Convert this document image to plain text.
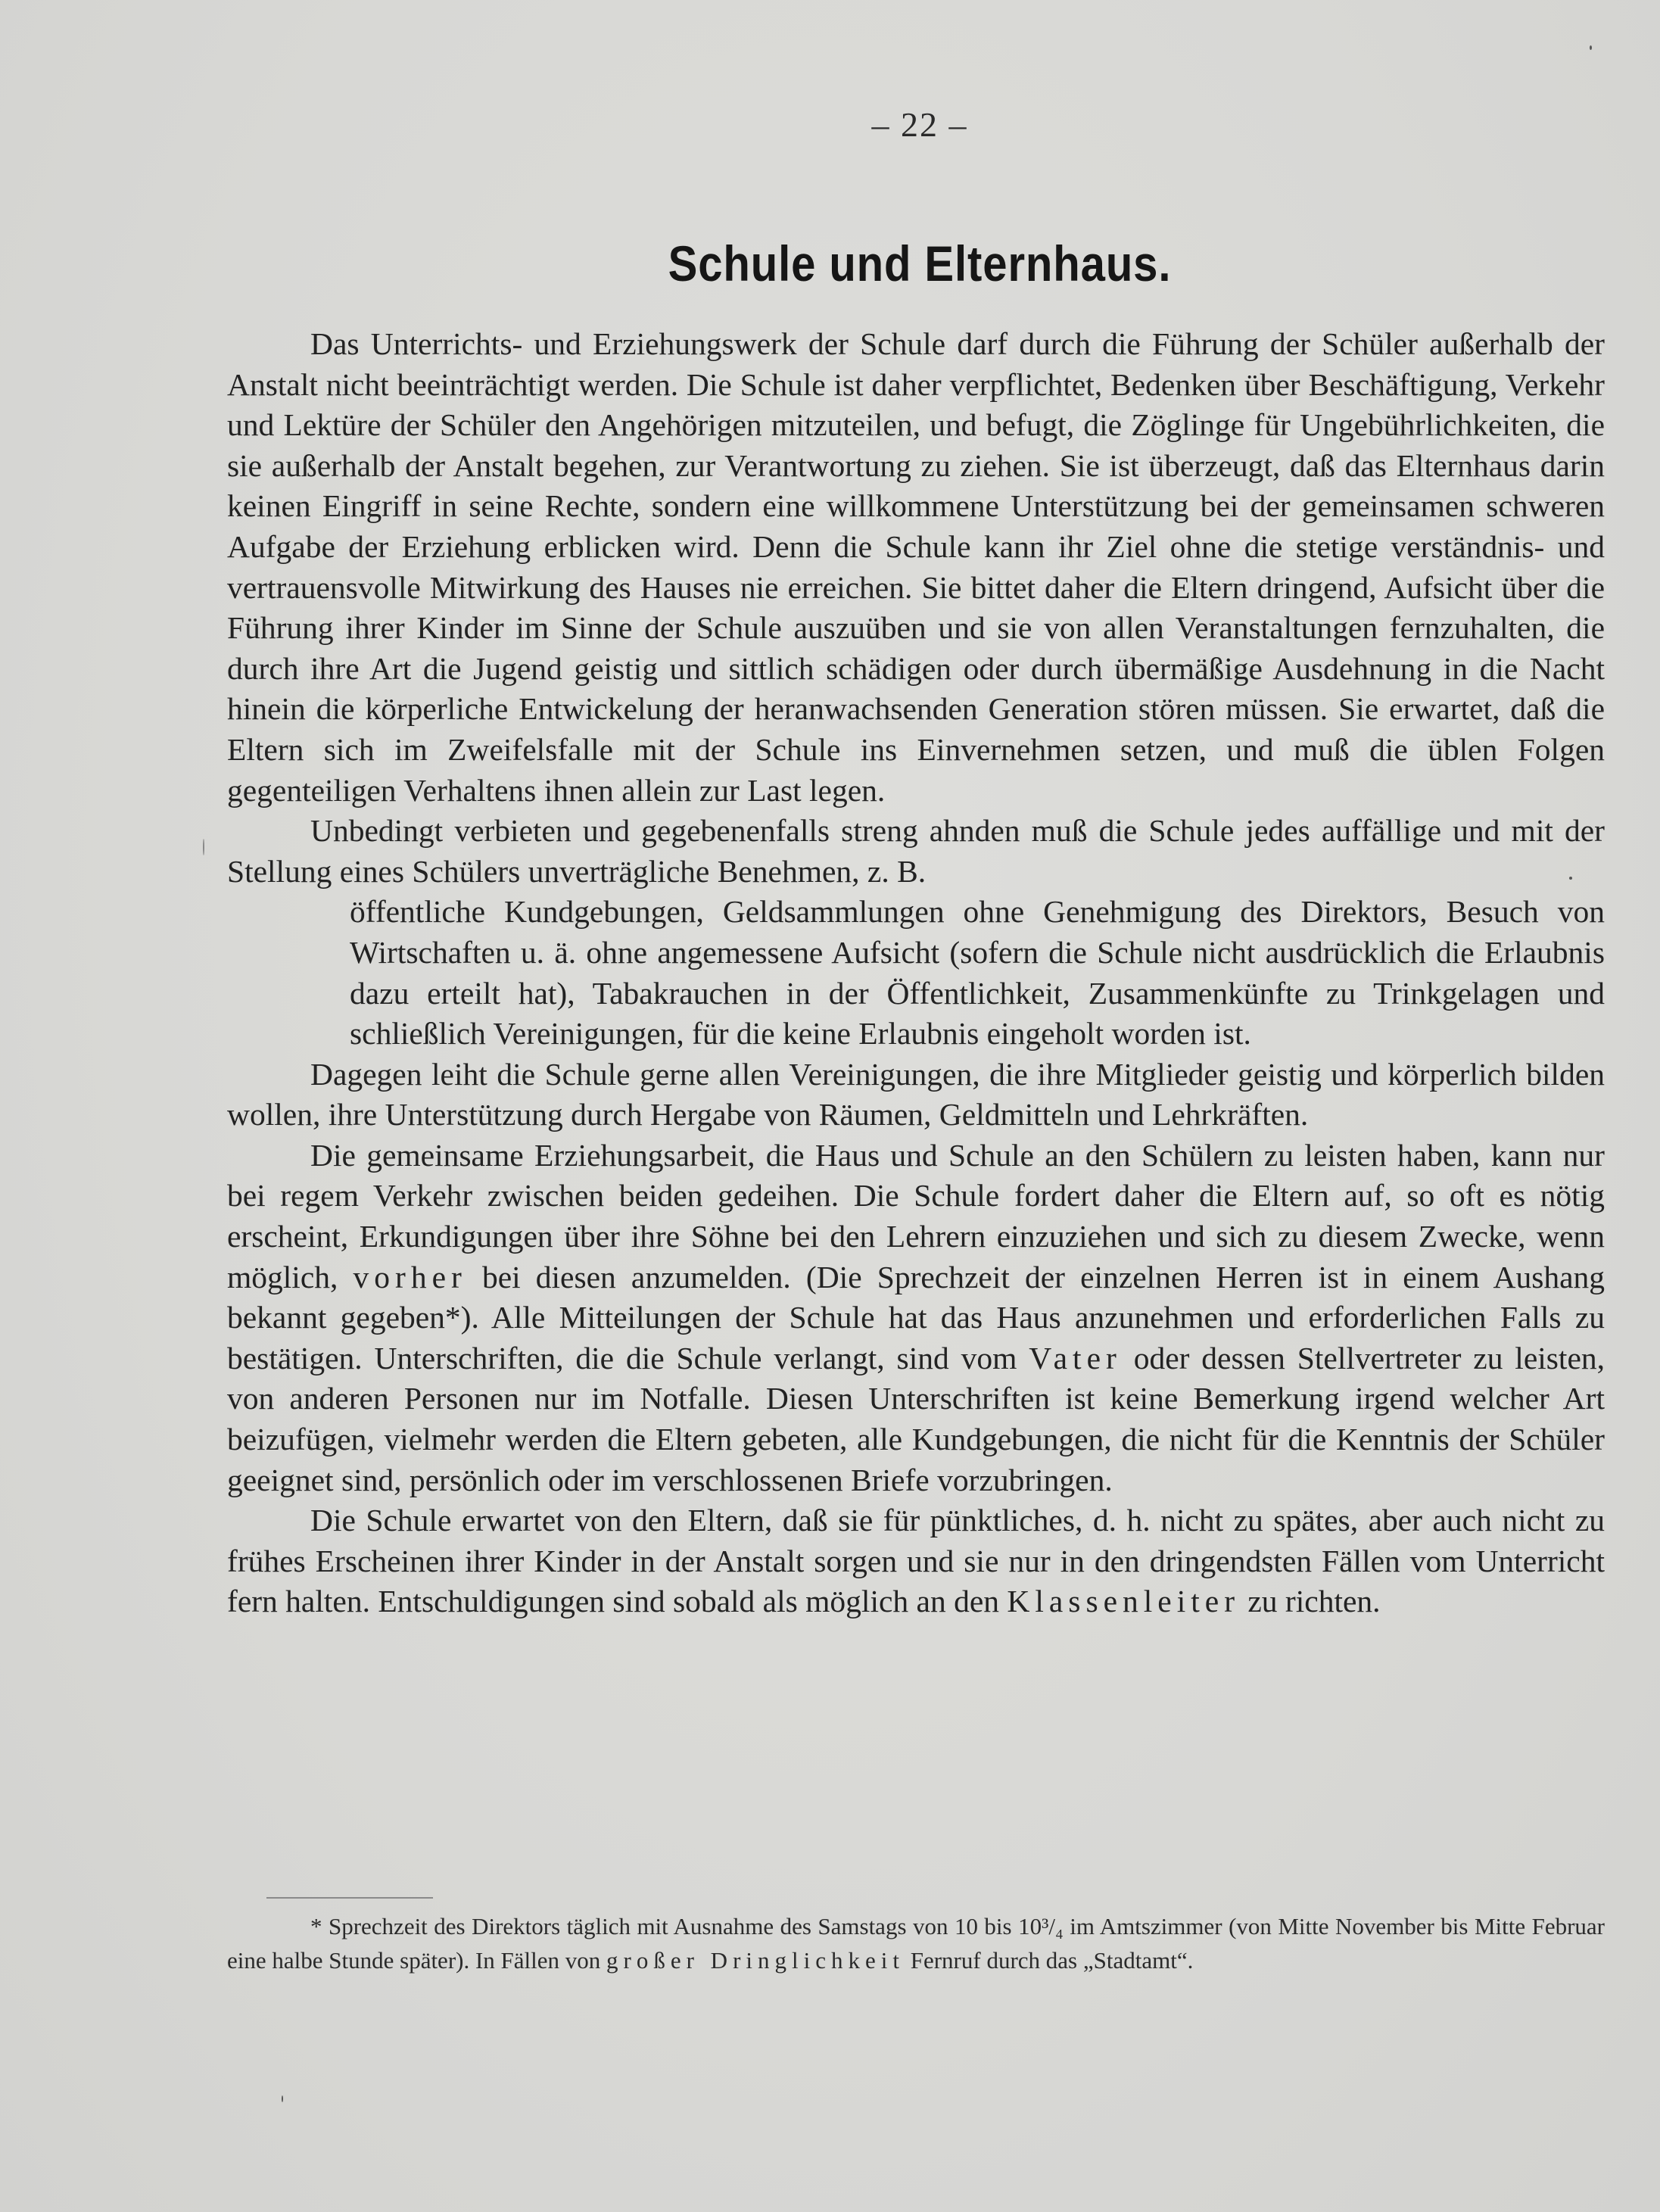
– 22 –
Schule und Elternhaus.

Das Unterrichts- und Erziehungswerk der Schule darf durch die Führung der Schüler außerhalb der Anstalt nicht beeinträchtigt werden. Die Schule ist daher verpflichtet, Bedenken über Beschäftigung, Verkehr und Lektüre der Schüler den Angehörigen mitzuteilen, und befugt, die Zöglinge für Ungebührlichkeiten, die sie außerhalb der Anstalt begehen, zur Verantwortung zu ziehen. Sie ist überzeugt, daß das Elternhaus darin keinen Eingriff in seine Rechte, sondern eine willkommene Unterstützung bei der gemeinsamen schweren Aufgabe der Erziehung erblicken wird. Denn die Schule kann ihr Ziel ohne die stetige verständnis- und vertrauensvolle Mitwirkung des Hauses nie erreichen. Sie bittet daher die Eltern dringend, Aufsicht über die Führung ihrer Kinder im Sinne der Schule auszuüben und sie von allen Veranstaltungen fernzuhalten, die durch ihre Art die Jugend geistig und sittlich schädigen oder durch übermäßige Ausdehnung in die Nacht hinein die körperliche Entwickelung der heranwachsenden Generation stören müssen. Sie erwartet, daß die Eltern sich im Zweifelsfalle mit der Schule ins Einvernehmen setzen, und muß die üblen Folgen gegenteiligen Verhaltens ihnen allein zur Last legen.

Unbedingt verbieten und gegebenenfalls streng ahnden muß die Schule jedes auffällige und mit der Stellung eines Schülers unverträgliche Benehmen, z. B.

öffentliche Kundgebungen, Geldsammlungen ohne Genehmigung des Direktors, Besuch von Wirtschaften u. ä. ohne angemessene Aufsicht (sofern die Schule nicht ausdrücklich die Erlaubnis dazu erteilt hat), Tabakrauchen in der Öffentlichkeit, Zusammenkünfte zu Trinkgelagen und schließlich Vereinigungen, für die keine Erlaubnis eingeholt worden ist.

Dagegen leiht die Schule gerne allen Vereinigungen, die ihre Mitglieder geistig und körperlich bilden wollen, ihre Unterstützung durch Hergabe von Räumen, Geldmitteln und Lehrkräften.

Die gemeinsame Erziehungsarbeit, die Haus und Schule an den Schülern zu leisten haben, kann nur bei regem Verkehr zwischen beiden gedeihen. Die Schule fordert daher die Eltern auf, so oft es nötig erscheint, Erkundigungen über ihre Söhne bei den Lehrern einzuziehen und sich zu diesem Zwecke, wenn möglich, vorher bei diesen anzumelden. (Die Sprechzeit der einzelnen Herren ist in einem Aushang bekannt gegeben*). Alle Mitteilungen der Schule hat das Haus anzunehmen und erforderlichen Falls zu bestätigen. Unterschriften, die die Schule verlangt, sind vom Vater oder dessen Stellvertreter zu leisten, von anderen Personen nur im Notfalle. Diesen Unterschriften ist keine Bemerkung irgend welcher Art beizufügen, vielmehr werden die Eltern gebeten, alle Kundgebungen, die nicht für die Kenntnis der Schüler geeignet sind, persönlich oder im verschlossenen Briefe vorzubringen.

Die Schule erwartet von den Eltern, daß sie für pünktliches, d. h. nicht zu spätes, aber auch nicht zu frühes Erscheinen ihrer Kinder in der Anstalt sorgen und sie nur in den dringendsten Fällen vom Unterricht fern halten. Entschuldigungen sind sobald als möglich an den Klassenleiter zu richten.

* Sprechzeit des Direktors täglich mit Ausnahme des Samstags von 10 bis 10³/₄ im Amtszimmer (von Mitte November bis Mitte Februar eine halbe Stunde später). In Fällen von großer Dringlichkeit Fernruf durch das „Stadtamt“.
